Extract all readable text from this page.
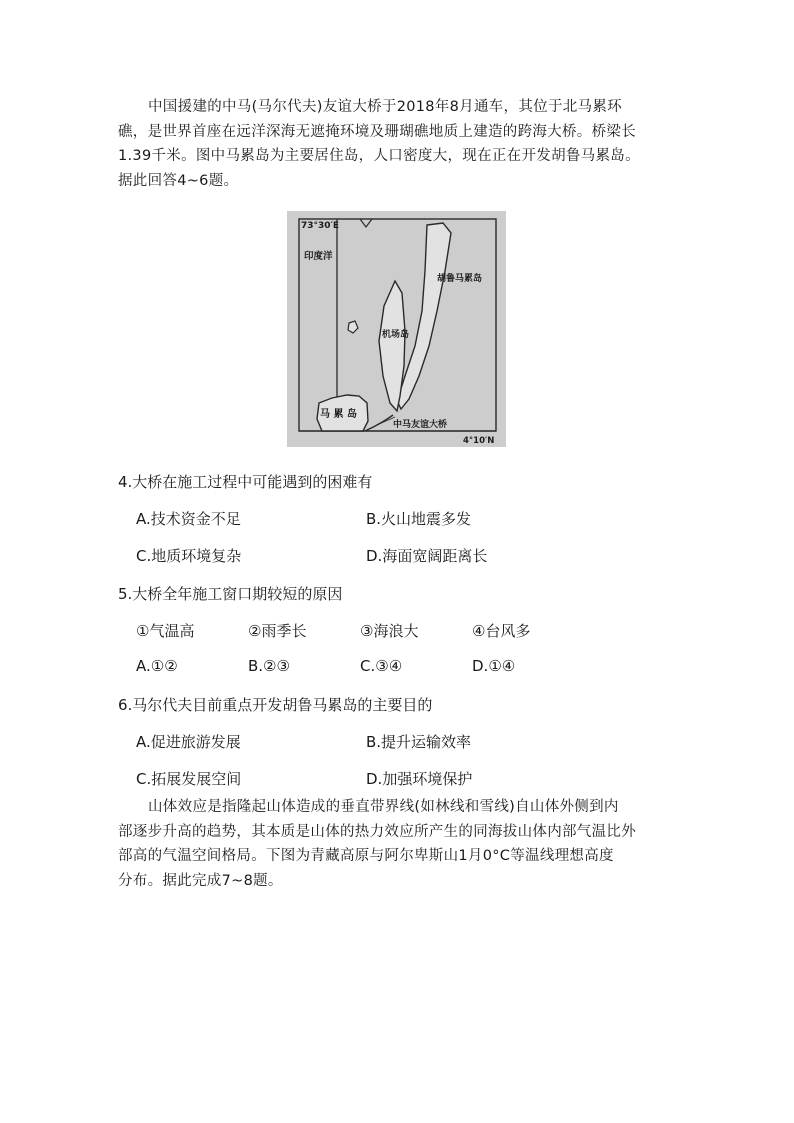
中国援建的中马(马尔代夫)友谊大桥于2018年8月通车，其位于北马累环
礁，是世界首座在远洋深海无遮掩环境及珊瑚礁地质上建造的跨海大桥。桥梁长
1.39千米。图中马累岛为主要居住岛，人口密度大，现在正在开发胡鲁马累岛。
据此回答4~6题。
73°30′E
印度洋
胡鲁马累岛
机场岛
马 累 岛
中马友谊大桥
4°10′N
4.大桥在施工过程中可能遇到的困难有
A.技术资金不足	B.火山地震多发
C.地质环境复杂	D.海面宽阔距离长
5.大桥全年施工窗口期较短的原因
①气温高	②雨季长	③海浪大	④台风多
A.①②	B.②③	C.③④	D.①④
6.马尔代夫目前重点开发胡鲁马累岛的主要目的
A.促进旅游发展	B.提升运输效率
C.拓展发展空间	D.加强环境保护
山体效应是指隆起山体造成的垂直带界线(如林线和雪线)自山体外侧到内
部逐步升高的趋势，其本质是山体的热力效应所产生的同海拔山体内部气温比外
部高的气温空间格局。下图为青藏高原与阿尔卑斯山1月0°C等温线理想高度
分布。据此完成7~8题。
